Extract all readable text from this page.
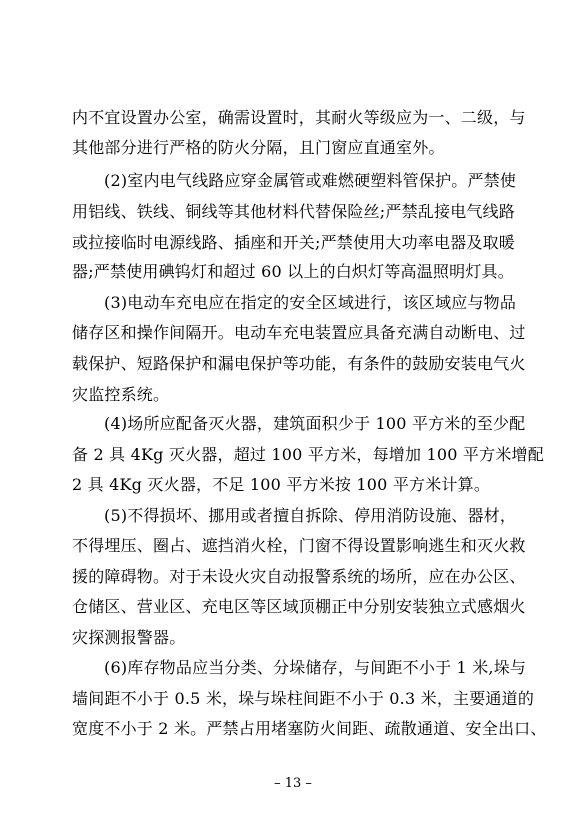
内不宜设置办公室，确需设置时，其耐火等级应为一、二级，与
其他部分进行严格的防火分隔，且门窗应直通室外。
(2)室内电气线路应穿金属管或难燃硬塑料管保护。严禁使
用铝线、铁线、铜线等其他材料代替保险丝;严禁乱接电气线路
或拉接临时电源线路、插座和开关;严禁使用大功率电器及取暖
器;严禁使用碘钨灯和超过 60 以上的白炽灯等高温照明灯具。
(3)电动车充电应在指定的安全区域进行，该区域应与物品
储存区和操作间隔开。电动车充电装置应具备充满自动断电、过
载保护、短路保护和漏电保护等功能，有条件的鼓励安装电气火
灾监控系统。
(4)场所应配备灭火器，建筑面积少于 100 平方米的至少配
备 2 具 4Kg 灭火器，超过 100 平方米，每增加 100 平方米增配
2 具 4Kg 灭火器，不足 100 平方米按 100 平方米计算。
(5)不得损坏、挪用或者擅自拆除、停用消防设施、器材，
不得埋压、圈占、遮挡消火栓，门窗不得设置影响逃生和灭火救
援的障碍物。对于未设火灾自动报警系统的场所，应在办公区、
仓储区、营业区、充电区等区域顶棚正中分别安装独立式感烟火
灾探测报警器。
(6)库存物品应当分类、分垛储存，与间距不小于 1 米,垛与
墙间距不小于 0.5 米，垛与垛柱间距不小于 0.3 米，主要通道的
宽度不小于 2 米。严禁占用堵塞防火间距、疏散通道、安全出口、
– 13 –
